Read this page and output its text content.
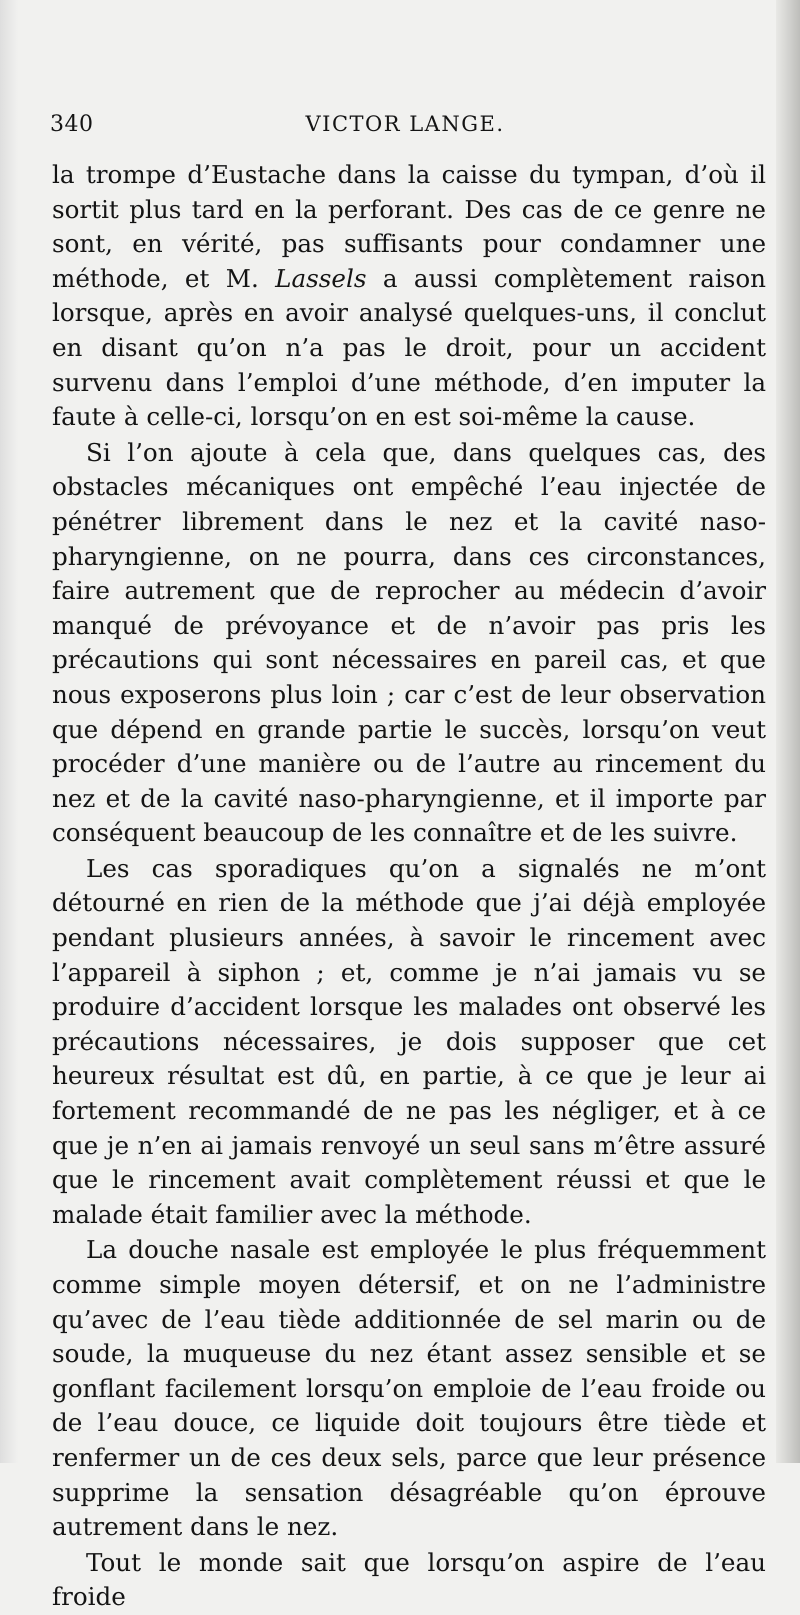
340	VICTOR LANGE.

la trompe d’Eustache dans la caisse du tympan, d’où il sortit plus tard en la perforant. Des cas de ce genre ne sont, en vérité, pas suffisants pour condamner une méthode, et M. Lassels a aussi complètement raison lorsque, après en avoir analysé quelques-uns, il conclut en disant qu’on n’a pas le droit, pour un accident survenu dans l’emploi d’une méthode, d’en imputer la faute à celle-ci, lorsqu’on en est soi-même la cause.

Si l’on ajoute à cela que, dans quelques cas, des obstacles mécaniques ont empêché l’eau injectée de pénétrer librement dans le nez et la cavité naso-pharyngienne, on ne pourra, dans ces circonstances, faire autrement que de reprocher au médecin d’avoir manqué de prévoyance et de n’avoir pas pris les précautions qui sont nécessaires en pareil cas, et que nous exposerons plus loin ; car c’est de leur observation que dépend en grande partie le succès, lorsqu’on veut procéder d’une manière ou de l’autre au rincement du nez et de la cavité naso-pharyngienne, et il importe par conséquent beaucoup de les connaître et de les suivre.

Les cas sporadiques qu’on a signalés ne m’ont détourné en rien de la méthode que j’ai déjà employée pendant plusieurs années, à savoir le rincement avec l’appareil à siphon ; et, comme je n’ai jamais vu se produire d’accident lorsque les malades ont observé les précautions nécessaires, je dois supposer que cet heureux résultat est dû, en partie, à ce que je leur ai fortement recommandé de ne pas les négliger, et à ce que je n’en ai jamais renvoyé un seul sans m’être assuré que le rincement avait complètement réussi et que le malade était familier avec la méthode.

La douche nasale est employée le plus fréquemment comme simple moyen détersif, et on ne l’administre qu’avec de l’eau tiède additionnée de sel marin ou de soude, la muqueuse du nez étant assez sensible et se gonflant facilement lorsqu’on emploie de l’eau froide ou de l’eau douce, ce liquide doit toujours être tiède et renfermer un de ces deux sels, parce que leur présence supprime la sensation désagréable qu’on éprouve autrement dans le nez.

Tout le monde sait que lorsqu’on aspire de l’eau froide
